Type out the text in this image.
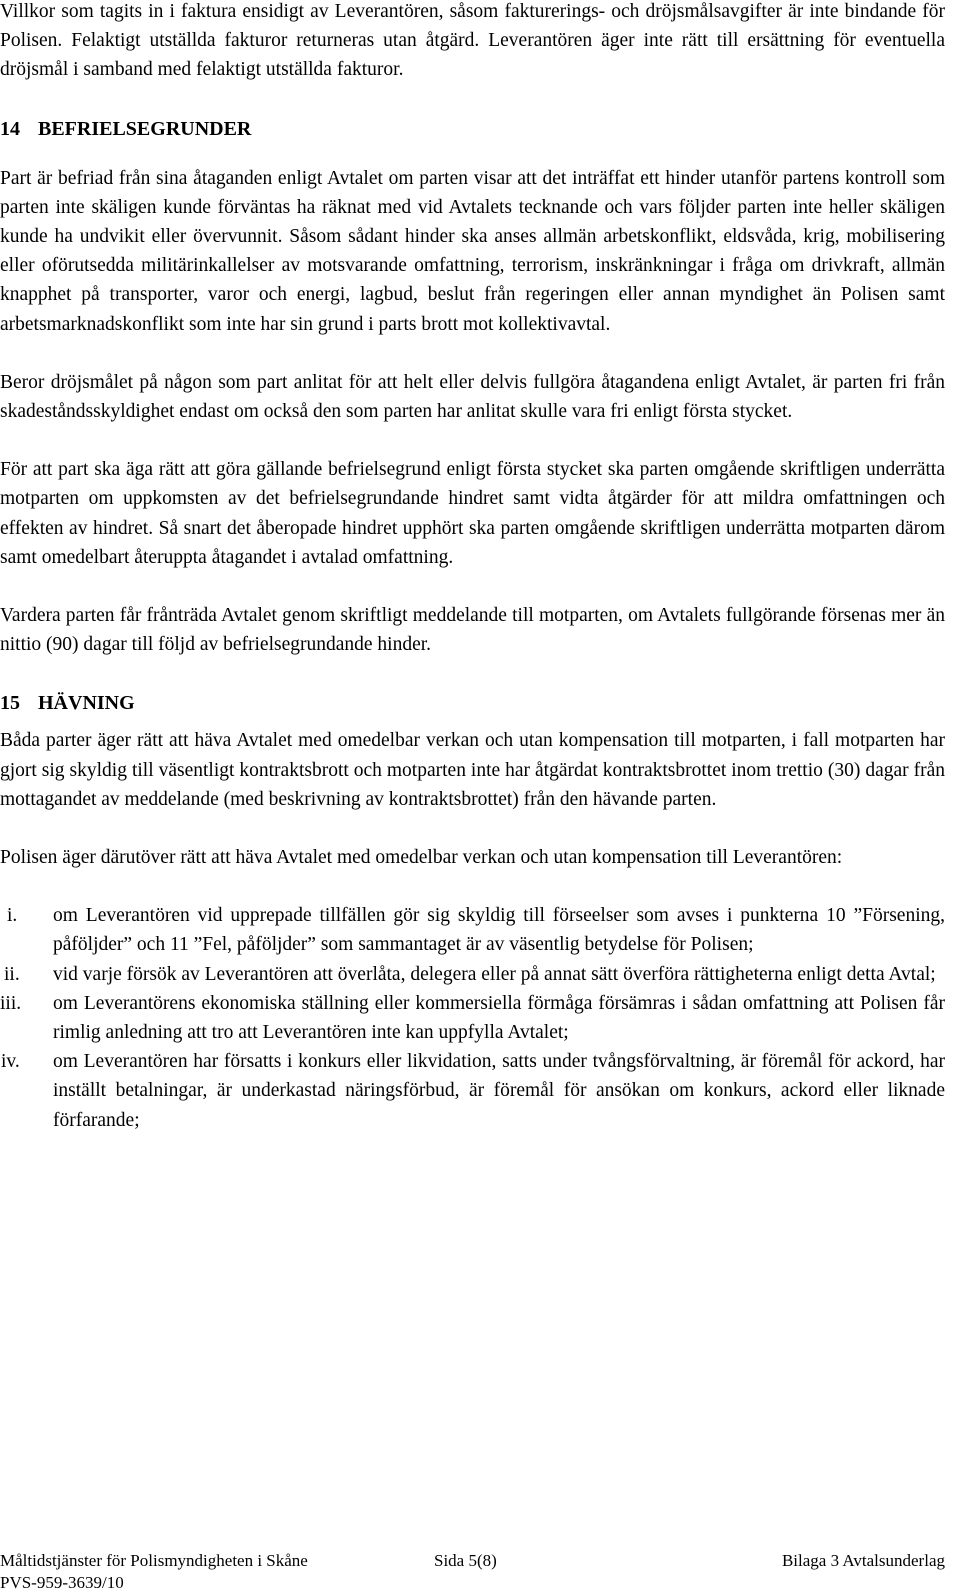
Villkor som tagits in i faktura ensidigt av Leverantören, såsom fakturerings- och dröjsmålsavgifter är inte bindande för Polisen. Felaktigt utställda fakturor returneras utan åtgärd. Leverantören äger inte rätt till ersättning för eventuella dröjsmål i samband med felaktigt utställda fakturor.

14 BEFRIELSEGRUNDER

Part är befriad från sina åtaganden enligt Avtalet om parten visar att det inträffat ett hinder utanför partens kontroll som parten inte skäligen kunde förväntas ha räknat med vid Avtalets tecknande och vars följder parten inte heller skäligen kunde ha undvikit eller övervunnit. Såsom sådant hinder ska anses allmän arbetskonflikt, eldsvåda, krig, mobilisering eller oförutsedda militärinkallelser av motsvarande omfattning, terrorism, inskränkningar i fråga om drivkraft, allmän knapphet på transporter, varor och energi, lagbud, beslut från regeringen eller annan myndighet än Polisen samt arbetsmarknadskonflikt som inte har sin grund i parts brott mot kollektivavtal.

Beror dröjsmålet på någon som part anlitat för att helt eller delvis fullgöra åtagandena enligt Avtalet, är parten fri från skadeståndsskyldighet endast om också den som parten har anlitat skulle vara fri enligt första stycket.

För att part ska äga rätt att göra gällande befrielsegrund enligt första stycket ska parten omgående skriftligen underrätta motparten om uppkomsten av det befrielsegrundande hindret samt vidta åtgärder för att mildra omfattningen och effekten av hindret. Så snart det åberopade hindret upphört ska parten omgående skriftligen underrätta motparten därom samt omedelbart återuppta åtagandet i avtalad omfattning.

Vardera parten får frånträda Avtalet genom skriftligt meddelande till motparten, om Avtalets fullgörande försenas mer än nittio (90) dagar till följd av befrielsegrundande hinder.

15 HÄVNING

Båda parter äger rätt att häva Avtalet med omedelbar verkan och utan kompensation till motparten, i fall motparten har gjort sig skyldig till väsentligt kontraktsbrott och motparten inte har åtgärdat kontraktsbrottet inom trettio (30) dagar från mottagandet av meddelande (med beskrivning av kontraktsbrottet) från den hävande parten.

Polisen äger därutöver rätt att häva Avtalet med omedelbar verkan och utan kompensation till Leverantören:

i.	om Leverantören vid upprepade tillfällen gör sig skyldig till förseelser som avses i punkterna 10 ”Försening, påföljder” och 11 ”Fel, påföljder” som sammantaget är av väsentlig betydelse för Polisen;
ii.	vid varje försök av Leverantören att överlåta, delegera eller på annat sätt överföra rättigheterna enligt detta Avtal;
iii.	om Leverantörens ekonomiska ställning eller kommersiella förmåga försämras i sådan omfattning att Polisen får rimlig anledning att tro att Leverantören inte kan uppfylla Avtalet;
iv.	om Leverantören har försatts i konkurs eller likvidation, satts under tvångsförvaltning, är föremål för ackord, har inställt betalningar, är underkastad näringsförbud, är föremål för ansökan om konkurs, ackord eller liknade förfarande;
Måltidstjänster för Polismyndigheten i Skåne	Sida 5(8)	Bilaga 3 Avtalsunderlag
PVS-959-3639/10
